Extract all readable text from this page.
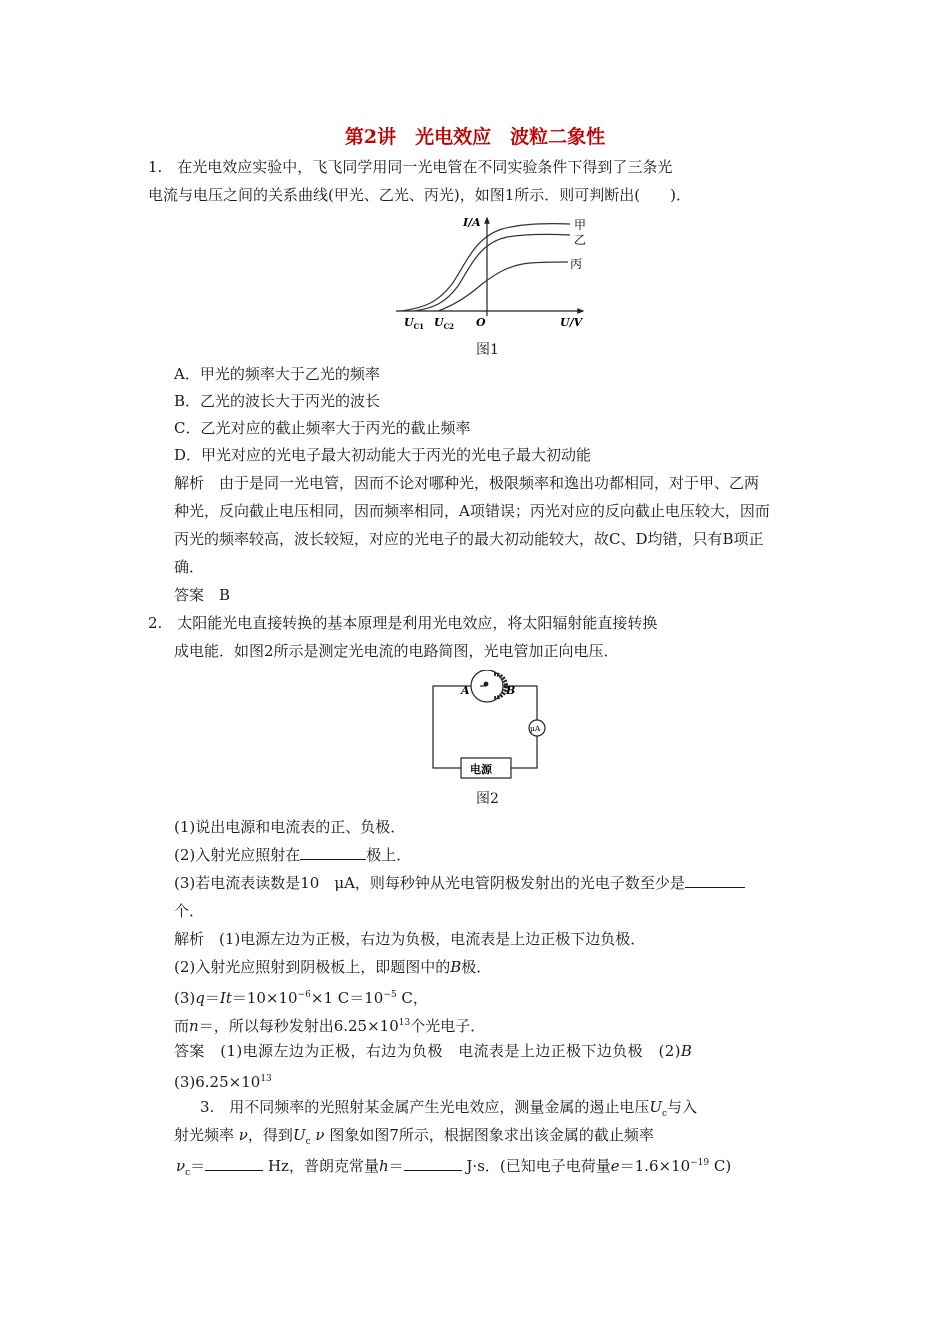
第2讲　光电效应　波粒二象性
1.　在光电效应实验中，飞飞同学用同一光电管在不同实验条件下得到了三条光
电流与电压之间的关系曲线(甲光、乙光、丙光)，如图1所示．则可判断出(　　)．
I/A	甲
乙
丙
$U_{C1}$ $U_{C2}$ O	U/V
图1
A．甲光的频率大于乙光的频率
B．乙光的波长大于丙光的波长
C．乙光对应的截止频率大于丙光的截止频率
D．甲光对应的光电子最大初动能大于丙光的光电子最大初动能
解析　由于是同一光电管，因而不论对哪种光，极限频率和逸出功都相同，对于甲、乙两
种光，反向截止电压相同，因而频率相同，A项错误；丙光对应的反向截止电压较大，因而
丙光的频率较高，波长较短，对应的光电子的最大初动能较大，故C、D均错，只有B项正
确．
答案　B
2.　太阳能光电直接转换的基本原理是利用光电效应，将太阳辐射能直接转换
成电能．如图2所示是测定光电流的电路简图，光电管加正向电压．
A	B
μA
电源
图2
(1)说出电源和电流表的正、负极．
(2)入射光应照射在	极上．
(3)若电流表读数是10　μA，则每秒钟从光电管阴极发射出的光电子数至少是
个．
解析　(1)电源左边为正极，右边为负极，电流表是上边正极下边负极．
(2)入射光应照射到阴极板上，即题图中的B极．
$(3)q=It=10\times 10^{-6}\times 1$ $C=10^{-5}$ C，
而n＝，所以每秒发射出$6.25\times 10^{13}$个光电子．
答案　(1)电源左边为正极，右边为负极　电流表是上边正极下边负极　(2)B
$(3)6.25\times 10^{13}$
3.　用不同频率的光照射某金属产生光电效应，测量金属的遏止电压$U_c$与入
射光频率 ν，得到$U_c$ ν 图象如图7所示，根据图象求出该金属的截止频率
$\nu_c=$	Hz，普朗克常量h＝	J·s．(已知电子电荷量$e=1.6\times 10^{-19}$ C)
